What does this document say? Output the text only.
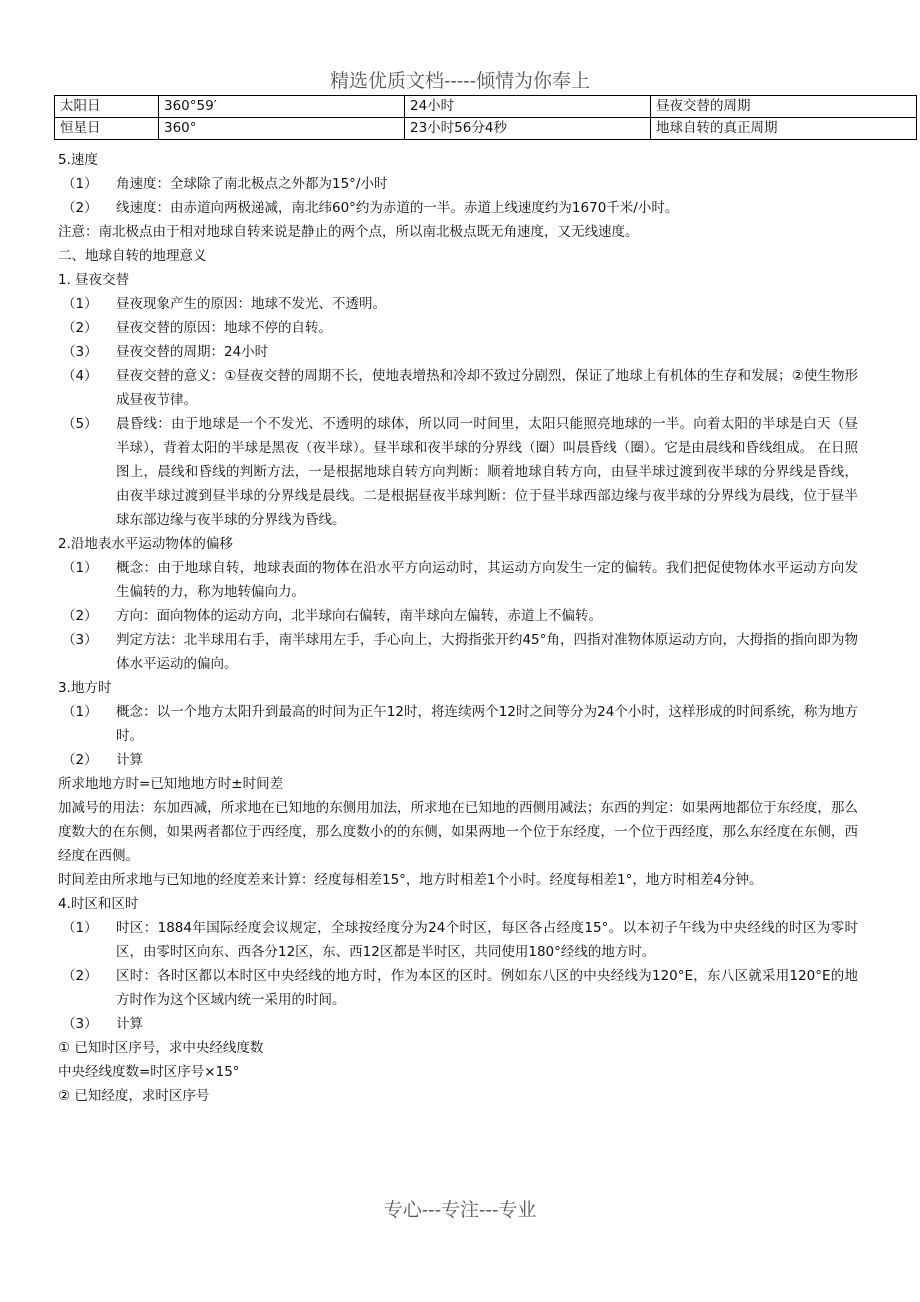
精选优质文档-----倾情为你奉上
太阳日	360°59′	24小时	昼夜交替的周期
恒星日	360°	23小时56分4秒	地球自转的真正周期
5.速度
（1）	角速度：全球除了南北极点之外都为15°/小时
（2）	线速度：由赤道向两极递减，南北纬60°约为赤道的一半。赤道上线速度约为1670千米/小时。
注意：南北极点由于相对地球自转来说是静止的两个点，所以南北极点既无角速度，又无线速度。
二、地球自转的地理意义
1. 昼夜交替
（1）	昼夜现象产生的原因：地球不发光、不透明。
（2）	昼夜交替的原因：地球不停的自转。
（3）	昼夜交替的周期：24小时
（4）	昼夜交替的意义：①昼夜交替的周期不长，使地表增热和冷却不致过分剧烈，保证了地球上有机体的生存和发展；②使生物形成昼夜节律。
（5）	晨昏线：由于地球是一个不发光、不透明的球体，所以同一时间里，太阳只能照亮地球的一半。向着太阳的半球是白天（昼半球），背着太阳的半球是黑夜（夜半球）。昼半球和夜半球的分界线（圈）叫晨昏线（圈）。它是由晨线和昏线组成。 在日照图上，晨线和昏线的判断方法，一是根据地球自转方向判断：顺着地球自转方向，由昼半球过渡到夜半球的分界线是昏线，由夜半球过渡到昼半球的分界线是晨线。二是根据昼夜半球判断：位于昼半球西部边缘与夜半球的分界线为晨线，位于昼半球东部边缘与夜半球的分界线为昏线。
2.沿地表水平运动物体的偏移
（1）	概念：由于地球自转，地球表面的物体在沿水平方向运动时，其运动方向发生一定的偏转。我们把促使物体水平运动方向发生偏转的力，称为地转偏向力。
（2）	方向：面向物体的运动方向，北半球向右偏转，南半球向左偏转，赤道上不偏转。
（3）	判定方法：北半球用右手，南半球用左手，手心向上，大拇指张开约45°角，四指对准物体原运动方向，大拇指的指向即为物体水平运动的偏向。
3.地方时
（1）	概念：以一个地方太阳升到最高的时间为正午12时，将连续两个12时之间等分为24个小时，这样形成的时间系统，称为地方时。
（2）	计算
所求地地方时=已知地地方时±时间差
加减号的用法：东加西减，所求地在已知地的东侧用加法，所求地在已知地的西侧用减法；东西的判定：如果两地都位于东经度，那么度数大的在东侧，如果两者都位于西经度，那么度数小的的东侧，如果两地一个位于东经度，一个位于西经度，那么东经度在东侧，西经度在西侧。
时间差由所求地与已知地的经度差来计算：经度每相差15°，地方时相差1个小时。经度每相差1°，地方时相差4分钟。
4.时区和区时
（1）	时区：1884年国际经度会议规定，全球按经度分为24个时区，每区各占经度15°。以本初子午线为中央经线的时区为零时区，由零时区向东、西各分12区，东、西12区都是半时区，共同使用180°经线的地方时。
（2）	区时：各时区都以本时区中央经线的地方时，作为本区的区时。例如东八区的中央经线为120°E，东八区就采用120°E的地方时作为这个区域内统一采用的时间。
（3）	计算
① 已知时区序号，求中央经线度数
中央经线度数=时区序号×15°
② 已知经度，求时区序号
专心---专注---专业
